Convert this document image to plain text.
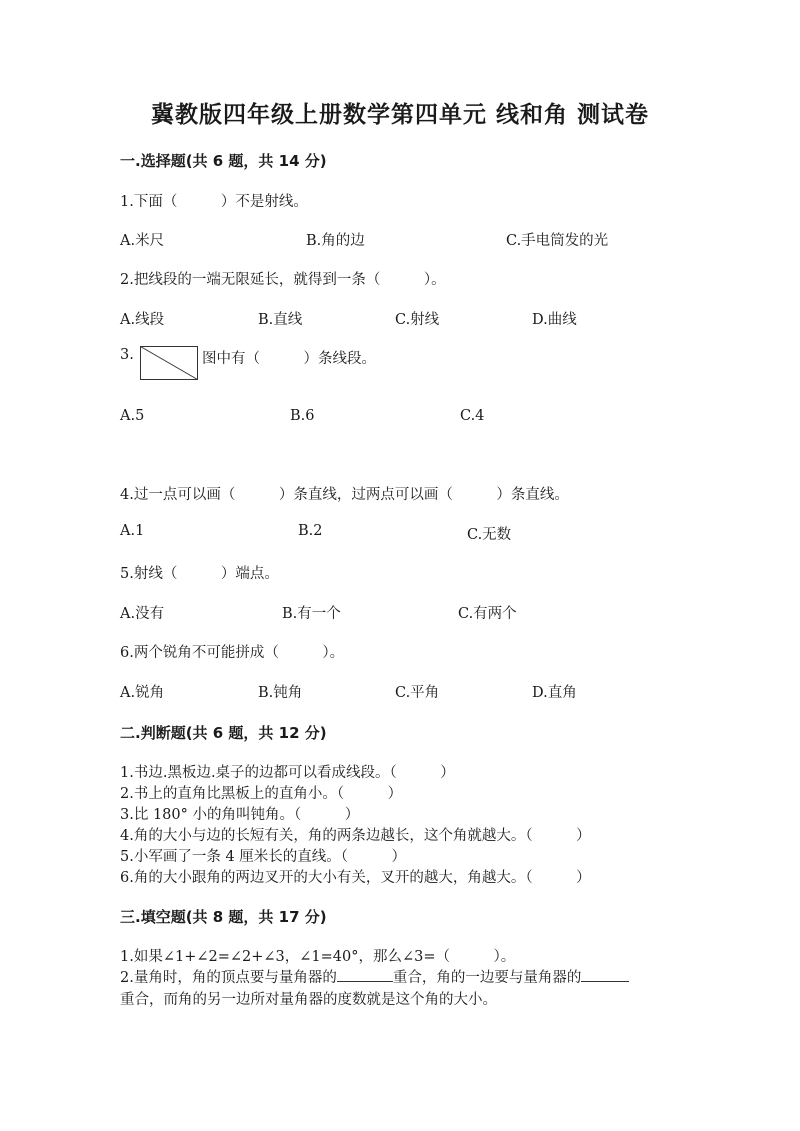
冀教版四年级上册数学第四单元 线和角 测试卷
一.选择题(共 6 题，共 14 分)
1.下面（　　　）不是射线。
A.米尺	B.角的边	C.手电筒发的光
2.把线段的一端无限延长，就得到一条（　　　）。
A.线段	B.直线	C.射线	D.曲线
3.	图中有（　　　）条线段。
A.5	B.6	C.4
4.过一点可以画（　　　）条直线，过两点可以画（　　　）条直线。
A.1	B.2	C.无数
5.射线（　　　）端点。
A.没有	B.有一个	C.有两个
6.两个锐角不可能拼成（　　　）。
A.锐角	B.钝角	C.平角	D.直角
二.判断题(共 6 题，共 12 分)
1.书边.黑板边.桌子的边都可以看成线段。（　　　）
2.书上的直角比黑板上的直角小。（　　　）
3.比 180° 小的角叫钝角。（　　　）
4.角的大小与边的长短有关，角的两条边越长，这个角就越大。（　　　）
5.小军画了一条 4 厘米长的直线。（　　　）
6.角的大小跟角的两边叉开的大小有关，叉开的越大，角越大。（　　　）
三.填空题(共 8 题，共 17 分)
1.如果∠1+∠2=∠2+∠3，∠1=40°，那么∠3=（　　　）。
2.量角时，角的顶点要与量角器的	重合，角的一边要与量角器的
重合，而角的另一边所对量角器的度数就是这个角的大小。
